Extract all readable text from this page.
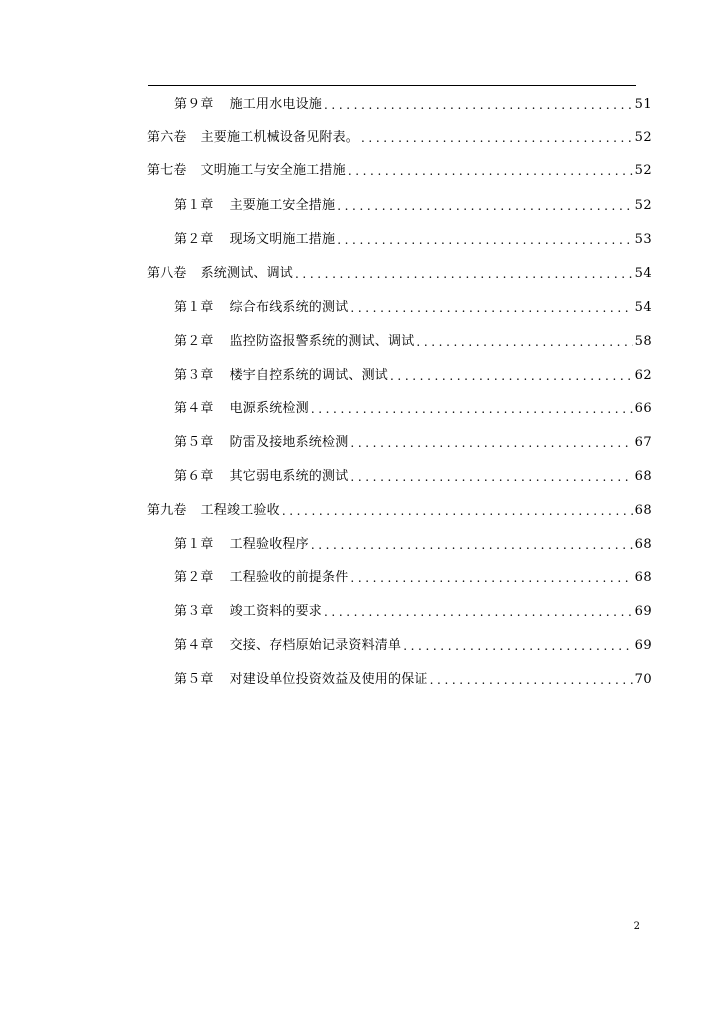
第９章 施工用水电设施 .....	51
第六卷 主要施工机械设备见附表。 .....	52
第七卷 文明施工与安全施工措施 .....	52
第１章 主要施工安全措施 .....	52
第２章 现场文明施工措施 .....	53
第八卷 系统测试、调试 .....	54
第１章 综合布线系统的测试 .....	54
第２章 监控防盗报警系统的测试、调试 .....	58
第３章 楼宇自控系统的调试、测试 .....	62
第４章 电源系统检测 .....	66
第５章 防雷及接地系统检测 .....	67
第６章 其它弱电系统的测试 .....	68
第九卷 工程竣工验收 .....	68
第１章 工程验收程序 .....	68
第２章 工程验收的前提条件 .....	68
第３章 竣工资料的要求 .....	69
第４章 交接、存档原始记录资料清单 .....	69
第５章 对建设单位投资效益及使用的保证 .....	70
2
